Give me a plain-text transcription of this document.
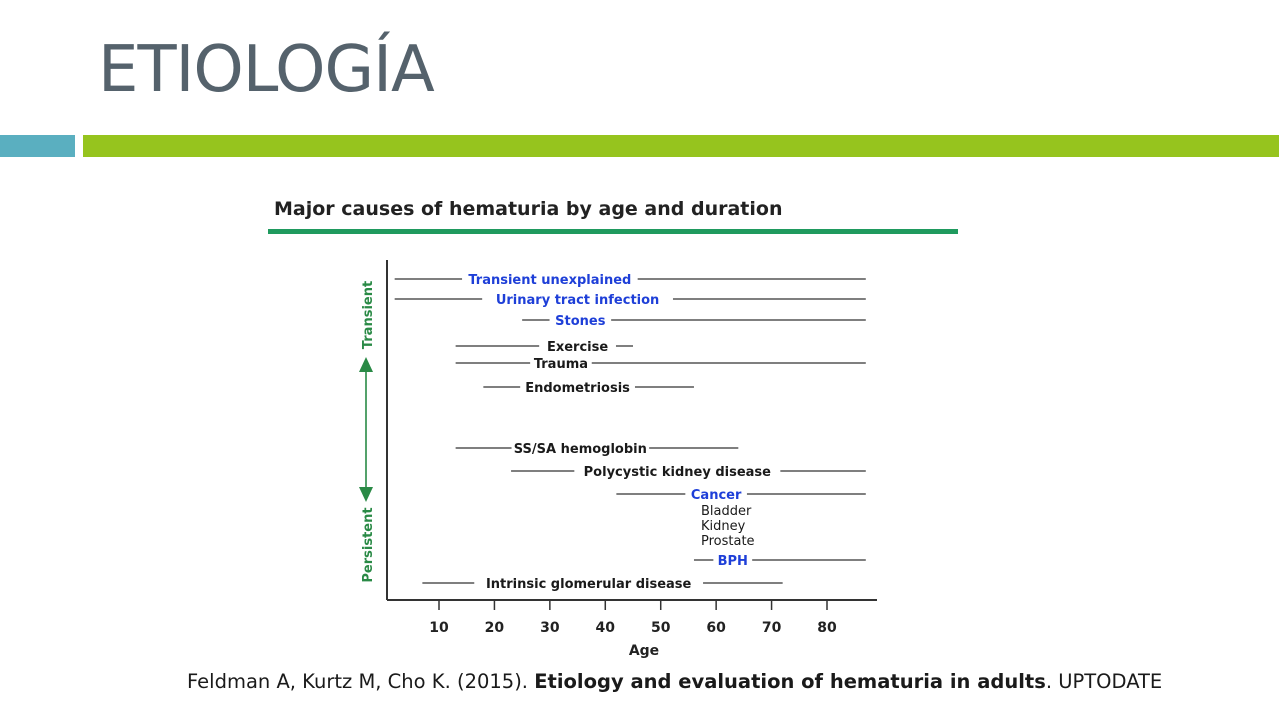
ETIOLOGÍA
Major causes of hematuria by age and duration
10	20	30	40	50	60	70	80
Age
Transient
Persistent
Transient unexplained
Urinary tract infection
Stones
Exercise
Trauma
Endometriosis
SS/SA hemoglobin
Polycystic kidney disease
Cancer
BPH
Intrinsic glomerular disease
Bladder
Kidney
Prostate
Feldman A, Kurtz M, Cho K. (2015). Etiology and evaluation of hematuria in adults. UPTODATE
